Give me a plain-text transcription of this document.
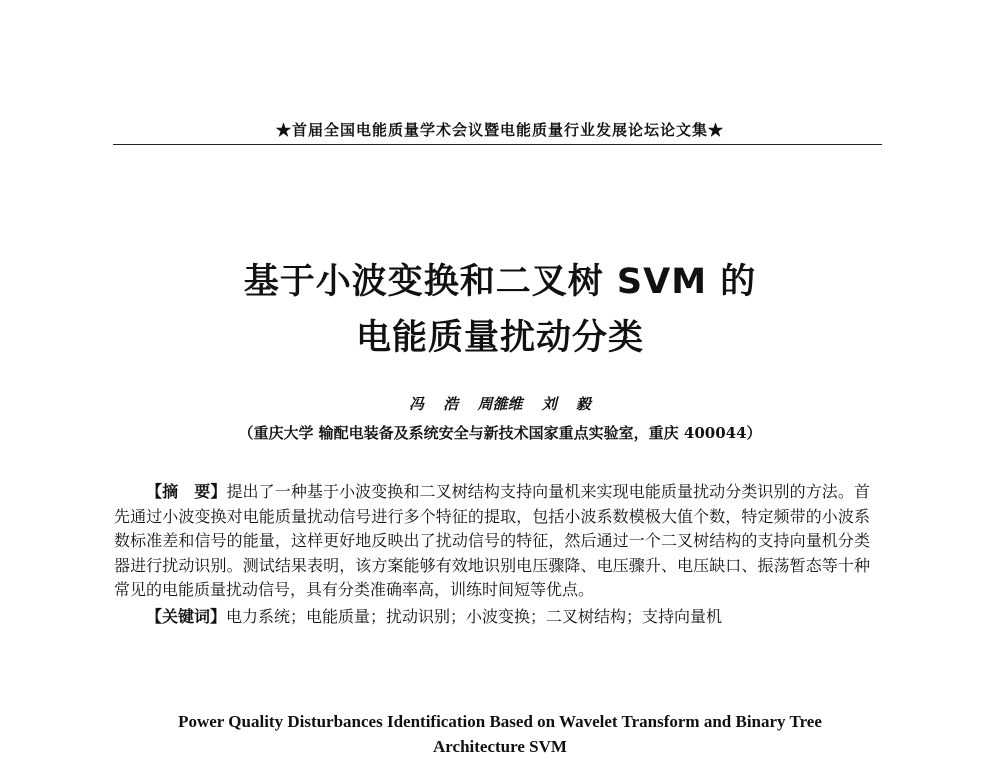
★首届全国电能质量学术会议暨电能质量行业发展论坛论文集★
基于小波变换和二叉树 SVM 的
电能质量扰动分类
冯 浩 周雒维 刘 毅
（重庆大学 输配电装备及系统安全与新技术国家重点实验室，重庆 400044）

【摘　要】提出了一种基于小波变换和二叉树结构支持向量机来实现电能质量扰动分类识别的方法。首先通过小波变换对电能质量扰动信号进行多个特征的提取，包括小波系数模极大值个数，特定频带的小波系数标准差和信号的能量，这样更好地反映出了扰动信号的特征，然后通过一个二叉树结构的支持向量机分类器进行扰动识别。测试结果表明，该方案能够有效地识别电压骤降、电压骤升、电压缺口、振荡暂态等十种常见的电能质量扰动信号，具有分类准确率高，训练时间短等优点。

【关键词】电力系统；电能质量；扰动识别；小波变换；二叉树结构；支持向量机

Power Quality Disturbances Identification Based on Wavelet Transform and Binary Tree
Architecture SVM
